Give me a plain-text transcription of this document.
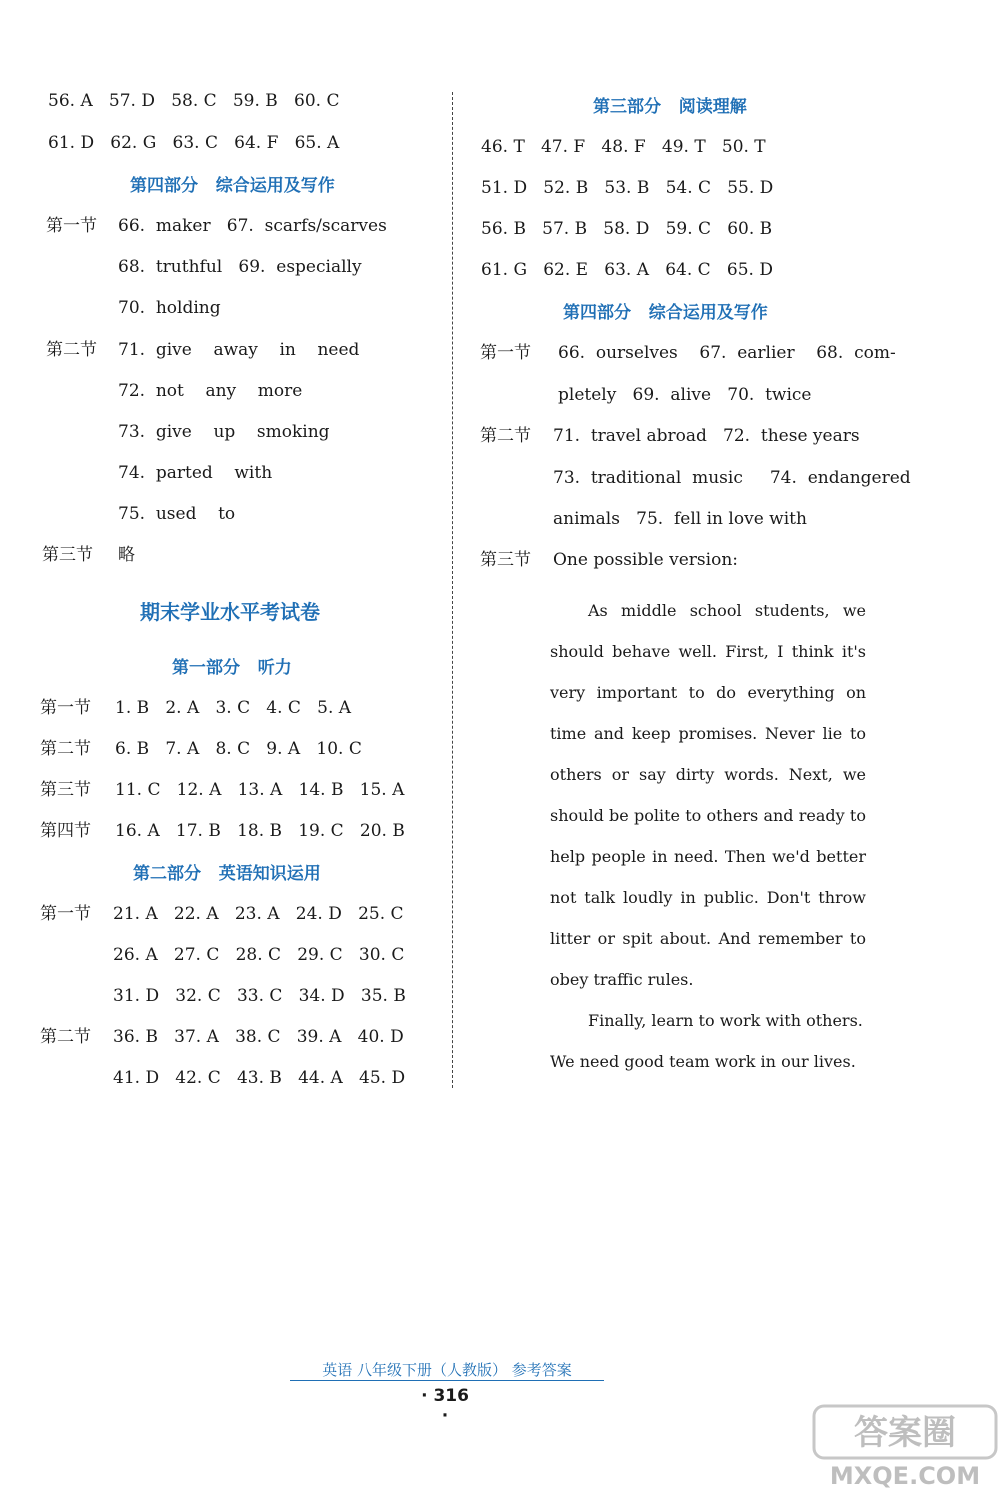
56. A   57. D   58. C   59. B   60. C
61. D   62. G   63. C   64. F   65. A
第四部分   综合运用及写作
第一节 66.  maker   67.  scarfs/scarves
68.  truthful   69.  especially
70.  holding
第二节 71.  give    away    in    need
72.  not    any    more
73.  give    up    smoking
74.  parted    with
75.  used    to
第三节 略
期末学业水平考试卷
第一部分   听力
第一节 1. B   2. A   3. C   4. C   5. A
第二节 6. B   7. A   8. C   9. A   10. C
第三节 11. C   12. A   13. A   14. B   15. A
第四节 16. A   17. B   18. B   19. C   20. B
第二部分   英语知识运用
第一节 21. A   22. A   23. A   24. D   25. C
26. A   27. C   28. C   29. C   30. C
31. D   32. C   33. C   34. D   35. B
第二节 36. B   37. A   38. C   39. A   40. D
41. D   42. C   43. B   44. A   45. D
第三部分   阅读理解
46. T   47. F   48. F   49. T   50. T
51. D   52. B   53. B   54. C   55. D
56. B   57. B   58. D   59. C   60. B
61. G   62. E   63. A   64. C   65. D
第四部分   综合运用及写作
第一节 66.  ourselves    67.  earlier    68.  com-
pletely   69.  alive   70.  twice
第二节 71.  travel abroad   72.  these years
73.  traditional  music     74.  endangered
animals   75.  fell in love with
第三节 One possible version:

As middle school students, we should behave well. First, I think it's very important to do everything on time and keep promises. Never lie to others or say dirty words. Next, we should be polite to others and ready to help people in need. Then we'd better not talk loudly in public. Don't throw litter or spit about. And remember to obey traffic rules.

Finally, learn to work with others.

We need good team work in our lives.

英语 八年级下册（人教版） 参考答案
· 316 ·	答案圈
MXQE.COM
